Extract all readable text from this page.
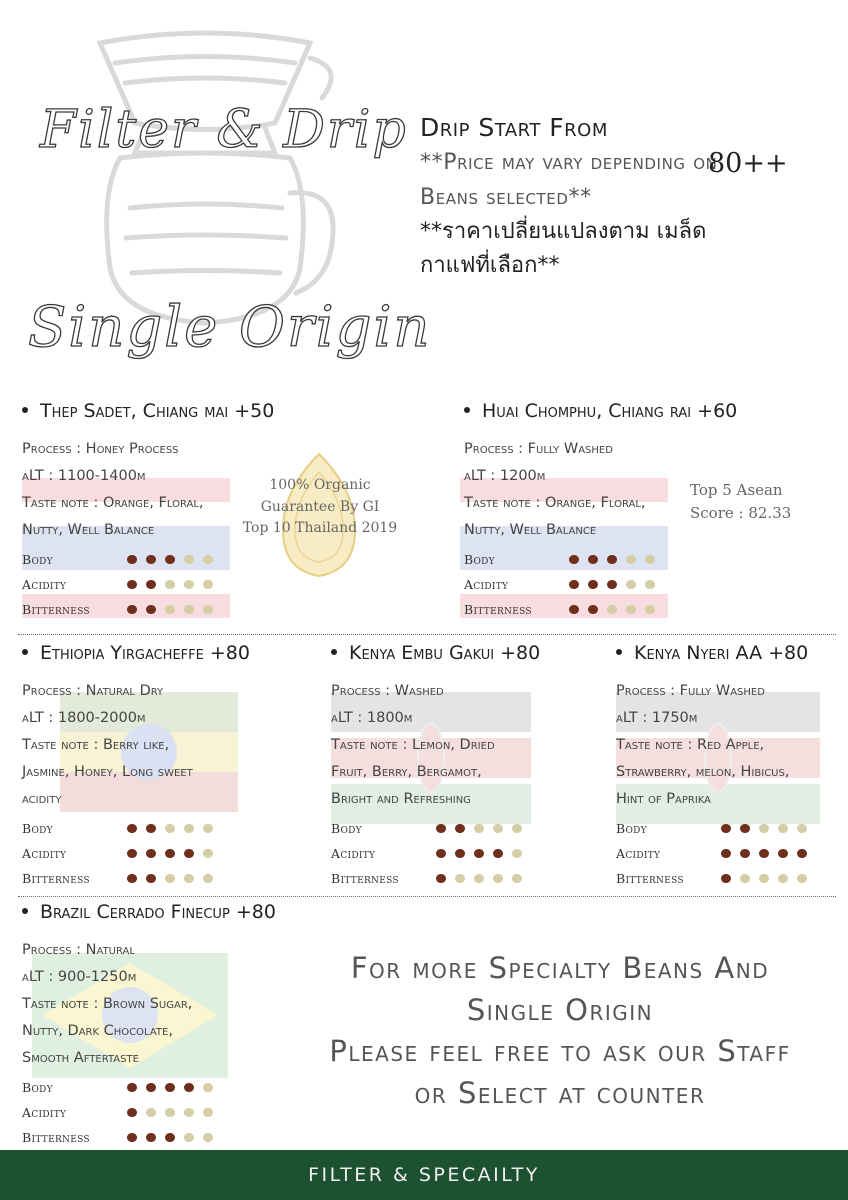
Filter & Drip
Single Origin
Drip Start From
**Price may vary depending on Beans selected**
**ราคาเปลี่ยนแปลงตาม เมล็ดกาแฟที่เลือก**
80++
Thep Sadet, Chiang mai +50
Process : Honey Process
aLT : 1100-1400m
Taste note : Orange, Floral,
Nutty, Well Balance
Body
Acidity
Bitterness
Huai Chomphu, Chiang rai +60
Process : Fully Washed
aLT : 1200m
Taste note : Orange, Floral,
Nutty, Well Balance
Body
Acidity
Bitterness
100% Organic
Guarantee By GI
Top 10 Thailand 2019
Top 5 Asean
Score : 82.33
Ethiopia Yirgacheffe +80
Process : Natural Dry
aLT : 1800-2000m
Taste note : Berry like,
Jasmine, Honey, Long sweet
acidity
Body
Acidity
Bitterness
Kenya Embu Gakui +80
Process : Washed
aLT : 1800m
Taste note : Lemon, Dried
Fruit, Berry, Bergamot,
Bright and Refreshing
Body
Acidity
Bitterness
Kenya Nyeri AA +80
Process : Fully Washed
aLT : 1750m
Taste note : Red Apple,
Strawberry, melon, Hibicus,
Hint of Paprika
Body
Acidity
Bitterness
Brazil Cerrado Finecup +80
Process : Natural
aLT : 900-1250m
Taste note : Brown Sugar,
Nutty, Dark Chocolate,
Smooth Aftertaste
Body
Acidity
Bitterness
For more Specialty Beans And
Single Origin
Please feel free to ask our Staff
or Select at counter
FILTER & SPECAILTY
